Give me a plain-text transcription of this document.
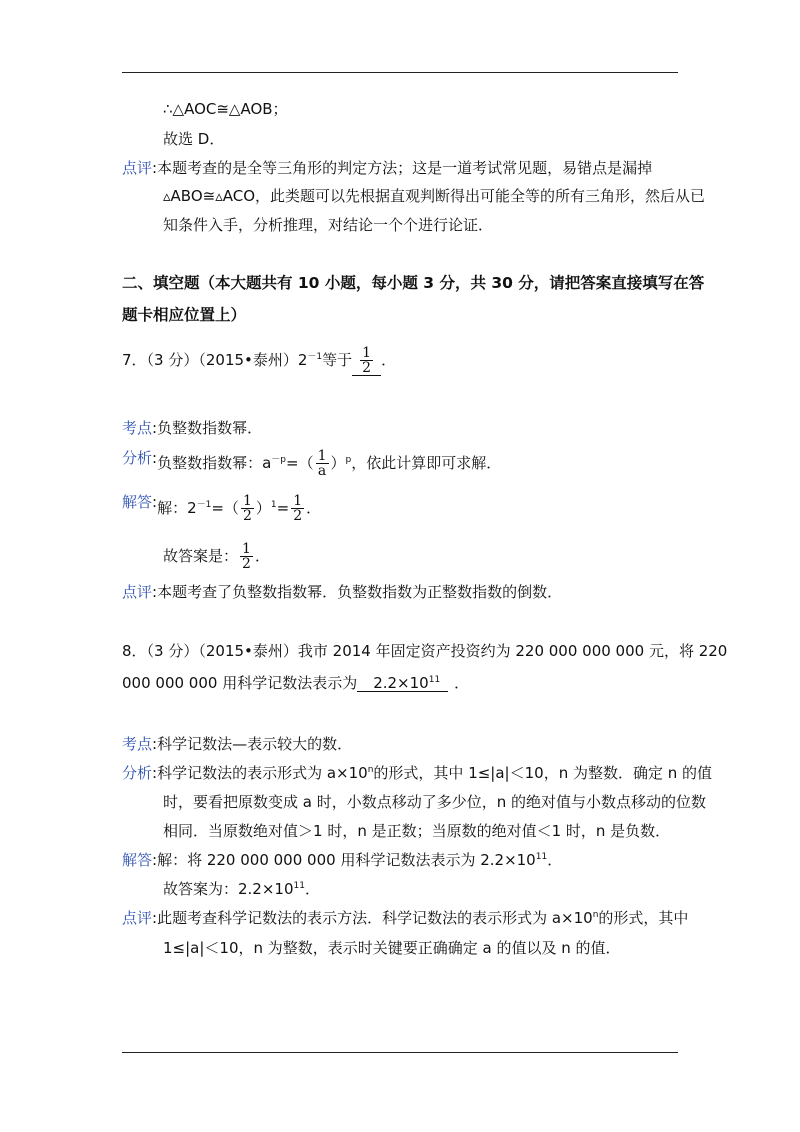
∴△AOC≅△AOB；
故选 D．
点评:本题考查的是全等三角形的判定方法；这是一道考试常见题，易错点是漏掉
▵ABO≅▵ACO，此类题可以先根据直观判断得出可能全等的所有三角形，然后从已
知条件入手，分析推理，对结论一个个进行论证．
二、填空题（本大题共有 10 小题，每小题 3 分，共 30 分，请把答案直接填写在答
题卡相应位置上）
7．（3 分）（2015•泰州）$2^{-1}$等于 $\frac{1}{2}$ ．
考点:负整数指数幂．
分析:负整数指数幂：$a^{-p}=( \frac{1}{a} )^p$，依此计算即可求解．
解答:解：$2^{-1}=( \frac{1}{2} )^1= \frac{1}{2}$ ．
故答案是： $\frac{1}{2}$ ．
点评:本题考查了负整数指数幂．负整数指数为正整数指数的倒数．
8．（3 分）（2015•泰州）我市 2014 年固定资产投资约为 220 000 000 000 元，将 220
000 000 000 用科学记数法表示为 $2.2\times 10^{11}$ ．
考点:科学记数法—表示较大的数．
分析:科学记数法的表示形式为 $a\times 10^n$的形式，其中 1≤|a|＜10，n 为整数．确定 n 的值
时，要看把原数变成 a 时，小数点移动了多少位，n 的绝对值与小数点移动的位数
相同．当原数绝对值＞1 时，n 是正数；当原数的绝对值＜1 时，n 是负数．
解答:解：将 220 000 000 000 用科学记数法表示为 $2.2\times 10^{11}$．
故答案为：$2.2\times 10^{11}$．
点评:此题考查科学记数法的表示方法．科学记数法的表示形式为 $a\times 10^n$的形式，其中
1≤|a|＜10，n 为整数，表示时关键要正确确定 a 的值以及 n 的值．
